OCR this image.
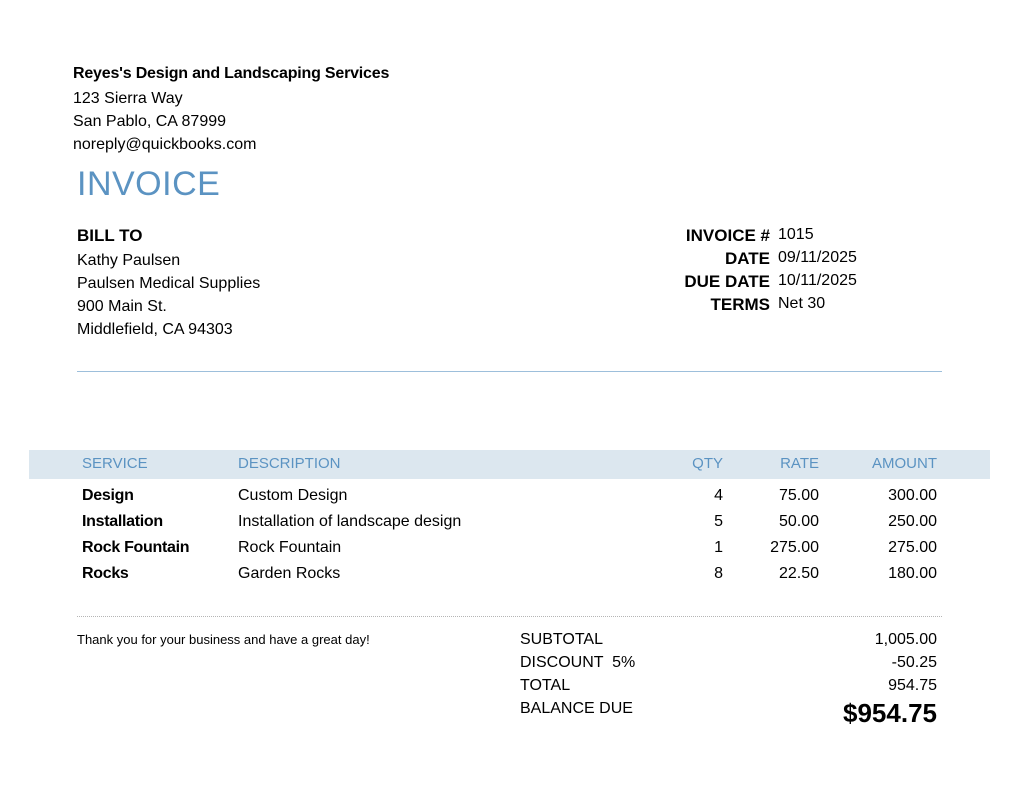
Reyes's Design and Landscaping Services
123 Sierra Way
San Pablo, CA 87999
noreply@quickbooks.com
INVOICE
BILL TO
Kathy Paulsen
Paulsen Medical Supplies
900 Main St.
Middlefield, CA 94303
INVOICE # 1015
DATE 09/11/2025
DUE DATE 10/11/2025
TERMS Net 30
SERVICE	DESCRIPTION	QTY	RATE	AMOUNT
Design	Custom Design	4	75.00	300.00
Installation	Installation of landscape design	5	50.00	250.00
Rock Fountain	Rock Fountain	1	275.00	275.00
Rocks	Garden Rocks	8	22.50	180.00
Thank you for your business and have a great day!	SUBTOTAL	1,005.00
DISCOUNT  5%	-50.25
TOTAL	954.75
BALANCE DUE	$954.75
